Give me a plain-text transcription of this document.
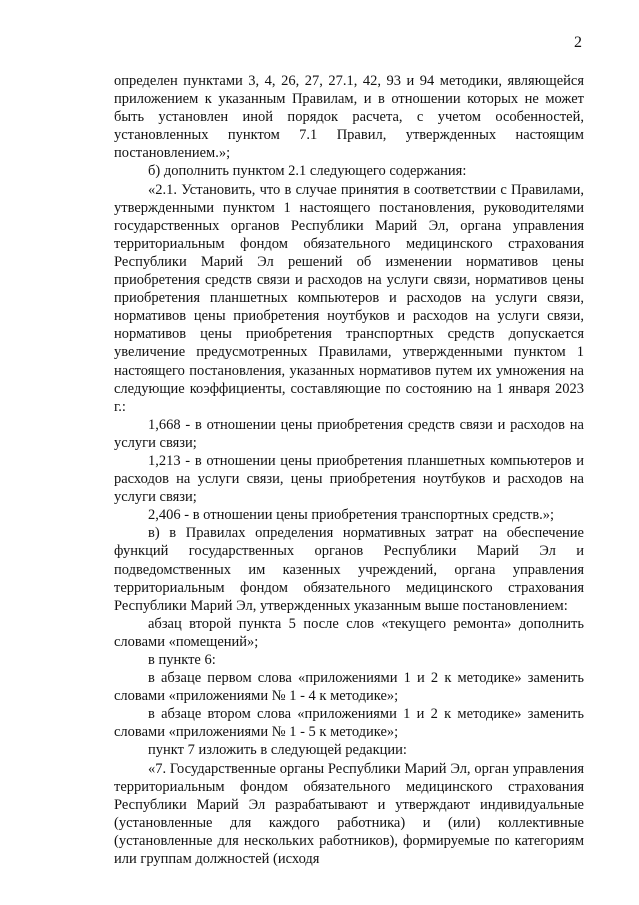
2

определен пунктами 3, 4, 26, 27, 27.1, 42, 93 и 94 методики, являющейся приложением к указанным Правилам, и в отношении которых не может быть установлен иной порядок расчета, с учетом особенностей, установленных пунктом 7.1 Правил, утвержденных настоящим постановлением.»;

б) дополнить пунктом 2.1 следующего содержания:

«2.1. Установить, что в случае принятия в соответствии с Правилами, утвержденными пунктом 1 настоящего постановления, руководителями государственных органов Республики Марий Эл, органа управления территориальным фондом обязательного медицинского страхования Республики Марий Эл решений об изменении нормативов цены приобретения средств связи и расходов на услуги связи, нормативов цены приобретения планшетных компьютеров и расходов на услуги связи, нормативов цены приобретения ноутбуков и расходов на услуги связи, нормативов цены приобретения транспортных средств допускается увеличение предусмотренных Правилами, утвержденными пунктом 1 настоящего постановления, указанных нормативов путем их умножения на следующие коэффициенты, составляющие по состоянию на 1 января 2023 г.:

1,668 - в отношении цены приобретения средств связи и расходов на услуги связи;

1,213 - в отношении цены приобретения планшетных компьютеров и расходов на услуги связи, цены приобретения ноутбуков и расходов на услуги связи;

2,406 - в отношении цены приобретения транспортных средств.»;

в) в Правилах определения нормативных затрат на обеспечение функций государственных органов Республики Марий Эл и подведомственных им казенных учреждений, органа управления территориальным фондом обязательного медицинского страхования Республики Марий Эл, утвержденных указанным выше постановлением:

абзац второй пункта 5 после слов «текущего ремонта» дополнить словами «помещений»;

в пункте 6:

в абзаце первом слова «приложениями 1 и 2 к методике» заменить словами «приложениями № 1 - 4 к методике»;

в абзаце втором слова «приложениями 1 и 2 к методике» заменить словами «приложениями № 1 - 5 к методике»;

пункт 7 изложить в следующей редакции:

«7. Государственные органы Республики Марий Эл, орган управления территориальным фондом обязательного медицинского страхования Республики Марий Эл разрабатывают и утверждают индивидуальные (установленные для каждого работника) и (или) коллективные (установленные для нескольких работников), формируемые по категориям или группам должностей (исходя
